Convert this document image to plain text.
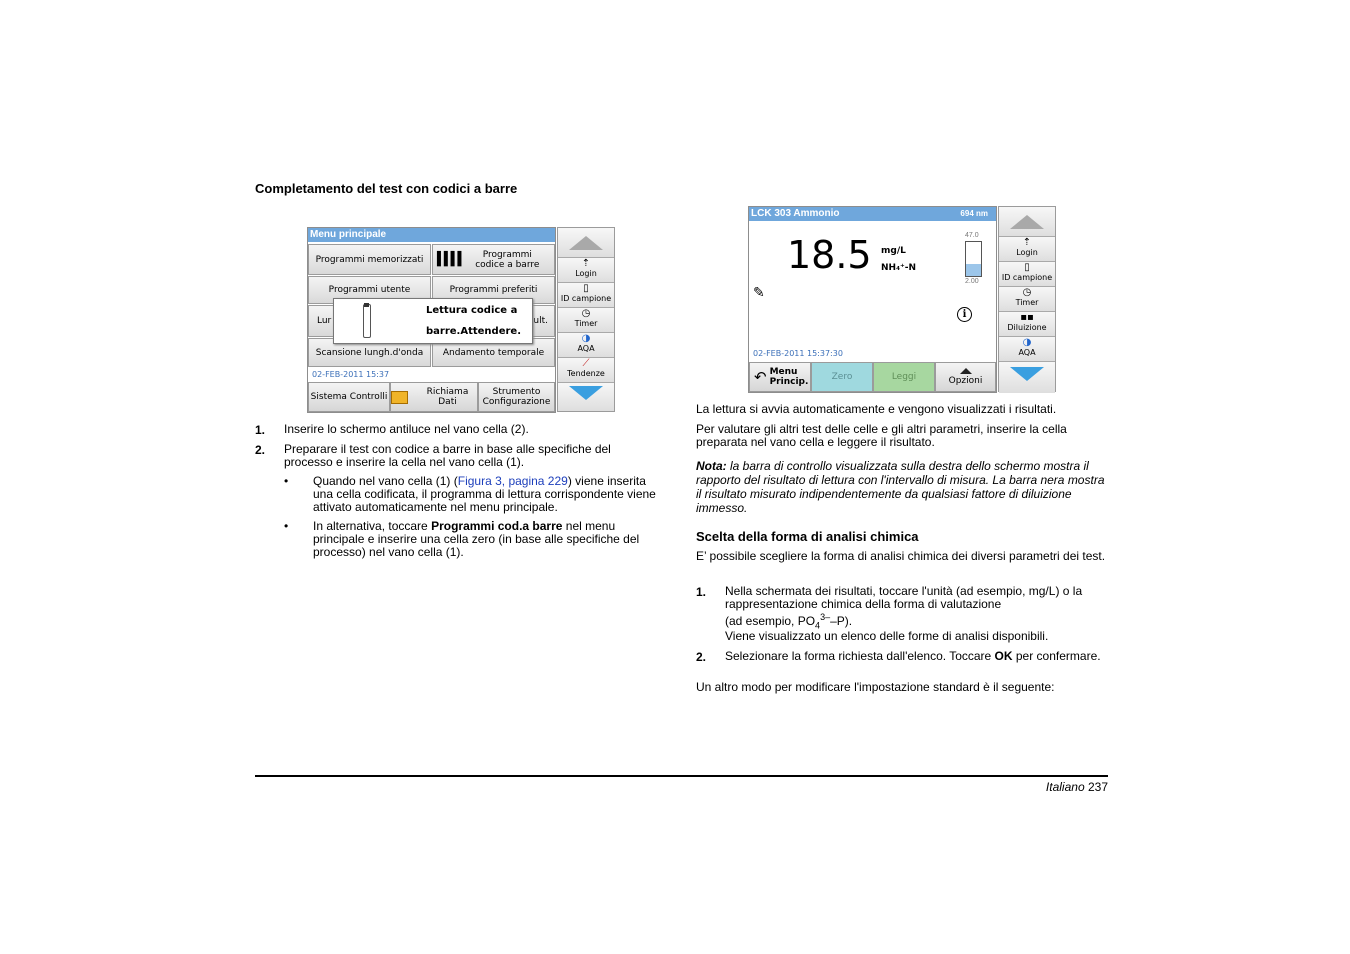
Completamento del test con codici a barre
Menu principale
Programmi memorizzati	▌▌▌▌	Programmi codice a barre
Programmi utente	Programmi preferiti
Lur	ult.
Scansione lungh.d'onda	Andamento temporale
02-FEB-2011 15:37
Sistema Controlli	Richiama Dati
Strumento Configurazione
Lettura codice a
barre.Attendere.
⇡
Login
▯
ID campione
◷
Timer
◑
AQA
⟋
Tendenze
1. Inserire lo schermo antiluce nel vano cella (2).
2. Preparare il test con codice a barre in base alle specifiche del processo e inserire la cella nel vano cella (1).
• Quando nel vano cella (1) (Figura 3, pagina 229) viene inserita una cella codificata, il programma di lettura corrispondente viene attivato automaticamente nel menu principale.
• In alternativa, toccare Programmi cod.a barre nel menu principale e inserire una cella zero (in base alle specifiche del processo) nel vano cella (1).
LCK 303 Ammonio	694 nm
18.5 mg/L
NH₄⁺-N
47.0
2.00
✎
i
02-FEB-2011 15:37:30
↶ Menu Princip.	Zero	Leggi	Opzioni
⇡
Login
▯
ID campione
◷
Timer
▪▪
Diluizione
◑
AQA
La lettura si avvia automaticamente e vengono visualizzati i risultati.
Per valutare gli altri test delle celle e gli altri parametri, inserire la cella preparata nel vano cella e leggere il risultato.
Nota: la barra di controllo visualizzata sulla destra dello schermo mostra il rapporto del risultato di lettura con l'intervallo di misura. La barra nera mostra il risultato misurato indipendentemente da qualsiasi fattore di diluizione immesso.
Scelta della forma di analisi chimica
E’ possibile scegliere la forma di analisi chimica dei diversi parametri dei test.
1. Nella schermata dei risultati, toccare l'unità (ad esempio, mg/L) o la rappresentazione chimica della forma di valutazione
(ad esempio, $PO_4^{3-}-P$).
Viene visualizzato un elenco delle forme di analisi disponibili.
2. Selezionare la forma richiesta dall'elenco. Toccare OK per confermare.
Un altro modo per modificare l'impostazione standard è il seguente:
Italiano 237
